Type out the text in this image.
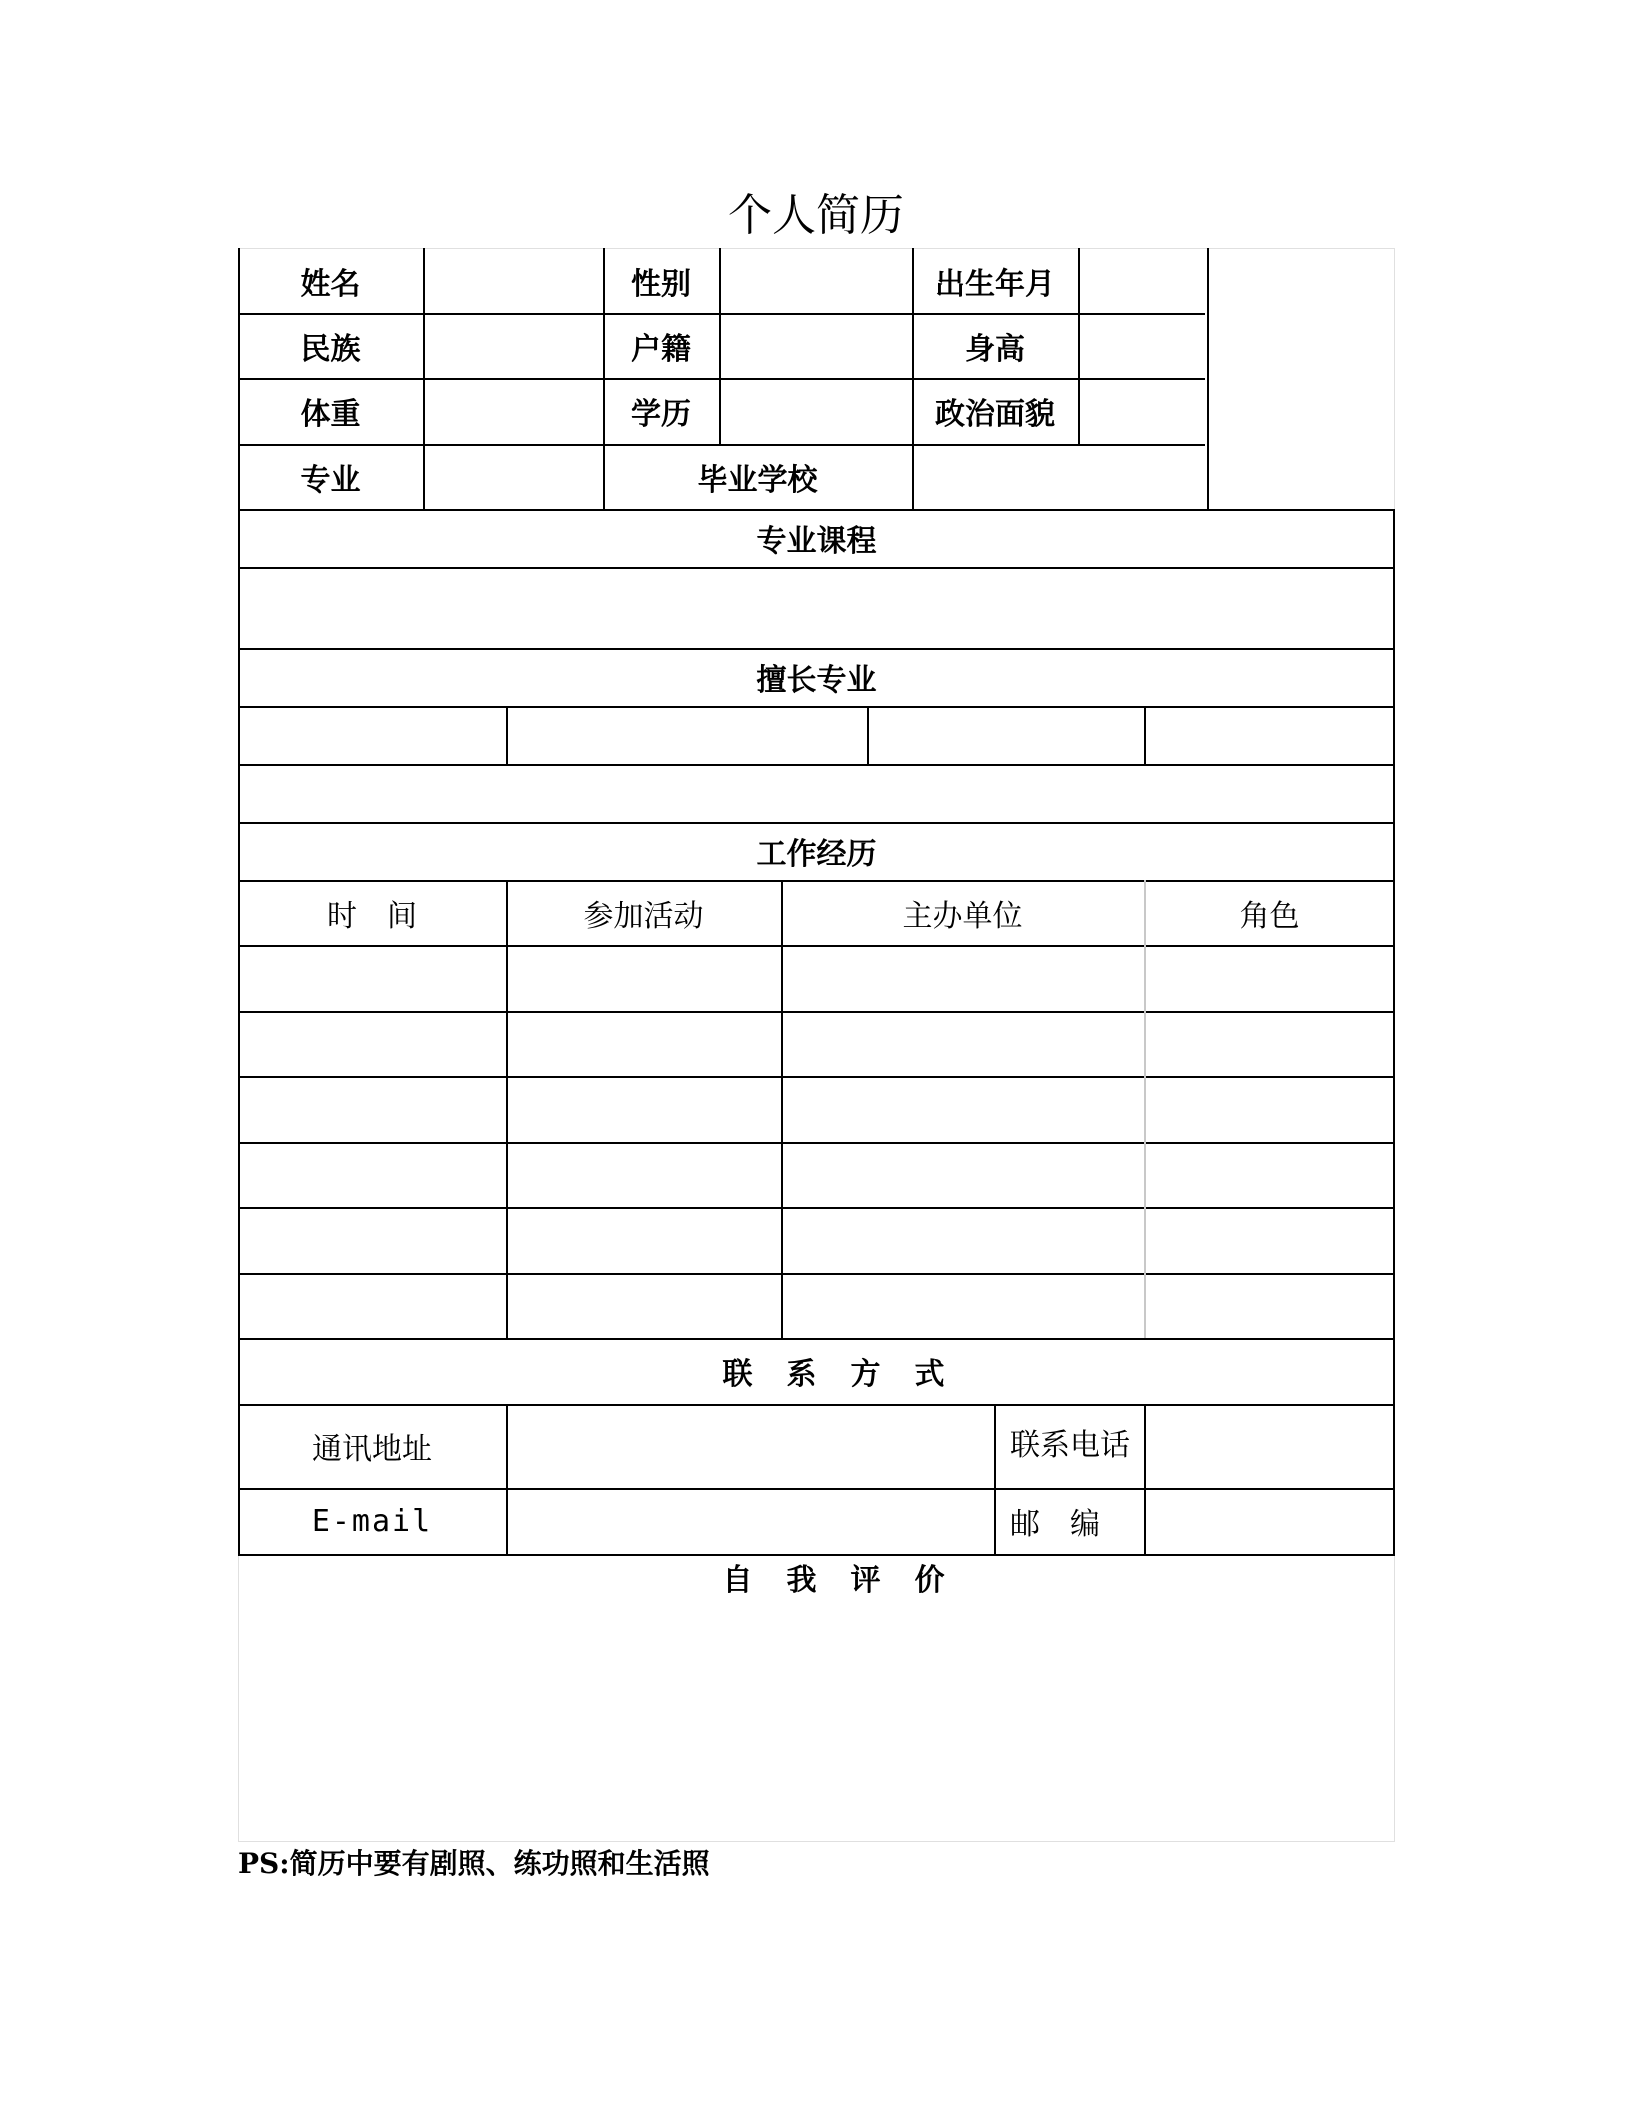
个人简历
姓名	性别	出生年月
民族	户籍	身高
体重	学历	政治面貌
专业	毕业学校
专业课程
擅长专业
工作经历
时　间	参加活动	主办单位	角色
联系方式
通讯地址	联系电话
E-mail	邮　编
自我评价
PS:简历中要有剧照、练功照和生活照
